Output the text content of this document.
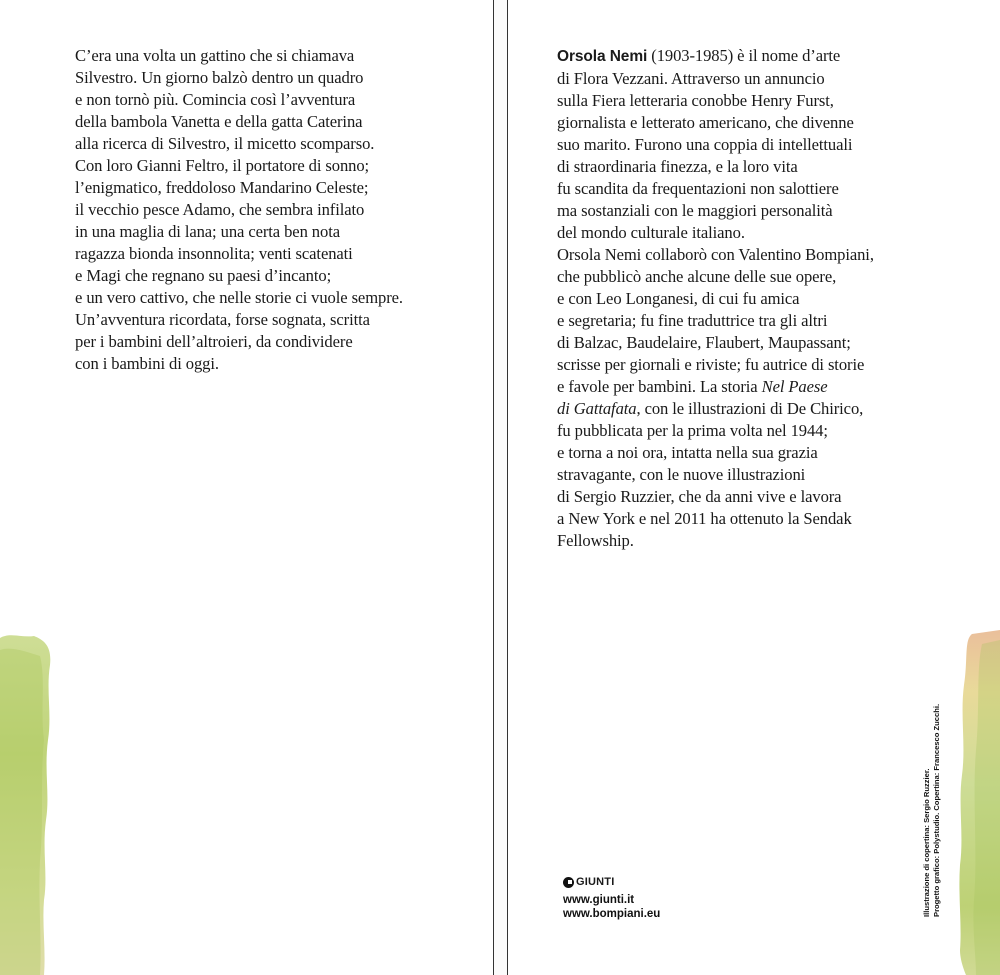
C’era una volta un gattino che si chiamava
Silvestro. Un giorno balzò dentro un quadro
e non tornò più. Comincia così l’avventura
della bambola Vanetta e della gatta Caterina
alla ricerca di Silvestro, il micetto scomparso.
Con loro Gianni Feltro, il portatore di sonno;
l’enigmatico, freddoloso Mandarino Celeste;
il vecchio pesce Adamo, che sembra infilato
in una maglia di lana; una certa ben nota
ragazza bionda insonnolita; venti scatenati
e Magi che regnano su paesi d’incanto;
e un vero cattivo, che nelle storie ci vuole sempre.
Un’avventura ricordata, forse sognata, scritta
per i bambini dell’altroieri, da condividere
con i bambini di oggi.
Orsola Nemi (1903-1985) è il nome d’arte
di Flora Vezzani. Attraverso un annuncio
sulla Fiera letteraria conobbe Henry Furst,
giornalista e letterato americano, che divenne
suo marito. Furono una coppia di intellettuali
di straordinaria finezza, e la loro vita
fu scandita da frequentazioni non salottiere
ma sostanziali con le maggiori personalità
del mondo culturale italiano.
Orsola Nemi collaborò con Valentino Bompiani,
che pubblicò anche alcune delle sue opere,
e con Leo Longanesi, di cui fu amica
e segretaria; fu fine traduttrice tra gli altri
di Balzac, Baudelaire, Flaubert, Maupassant;
scrisse per giornali e riviste; fu autrice di storie
e favole per bambini. La storia Nel Paese
di Gattafata, con le illustrazioni di De Chirico,
fu pubblicata per la prima volta nel 1944;
e torna a noi ora, intatta nella sua grazia
stravagante, con le nuove illustrazioni
di Sergio Ruzzier, che da anni vive e lavora
a New York e nel 2011 ha ottenuto la Sendak
Fellowship.
GIUNTI
www.giunti.it
www.bompiani.eu	Illustrazione di copertina: Sergio Ruzzier. Progetto grafico: Polystudio. Copertina: Francesco Zucchi.
